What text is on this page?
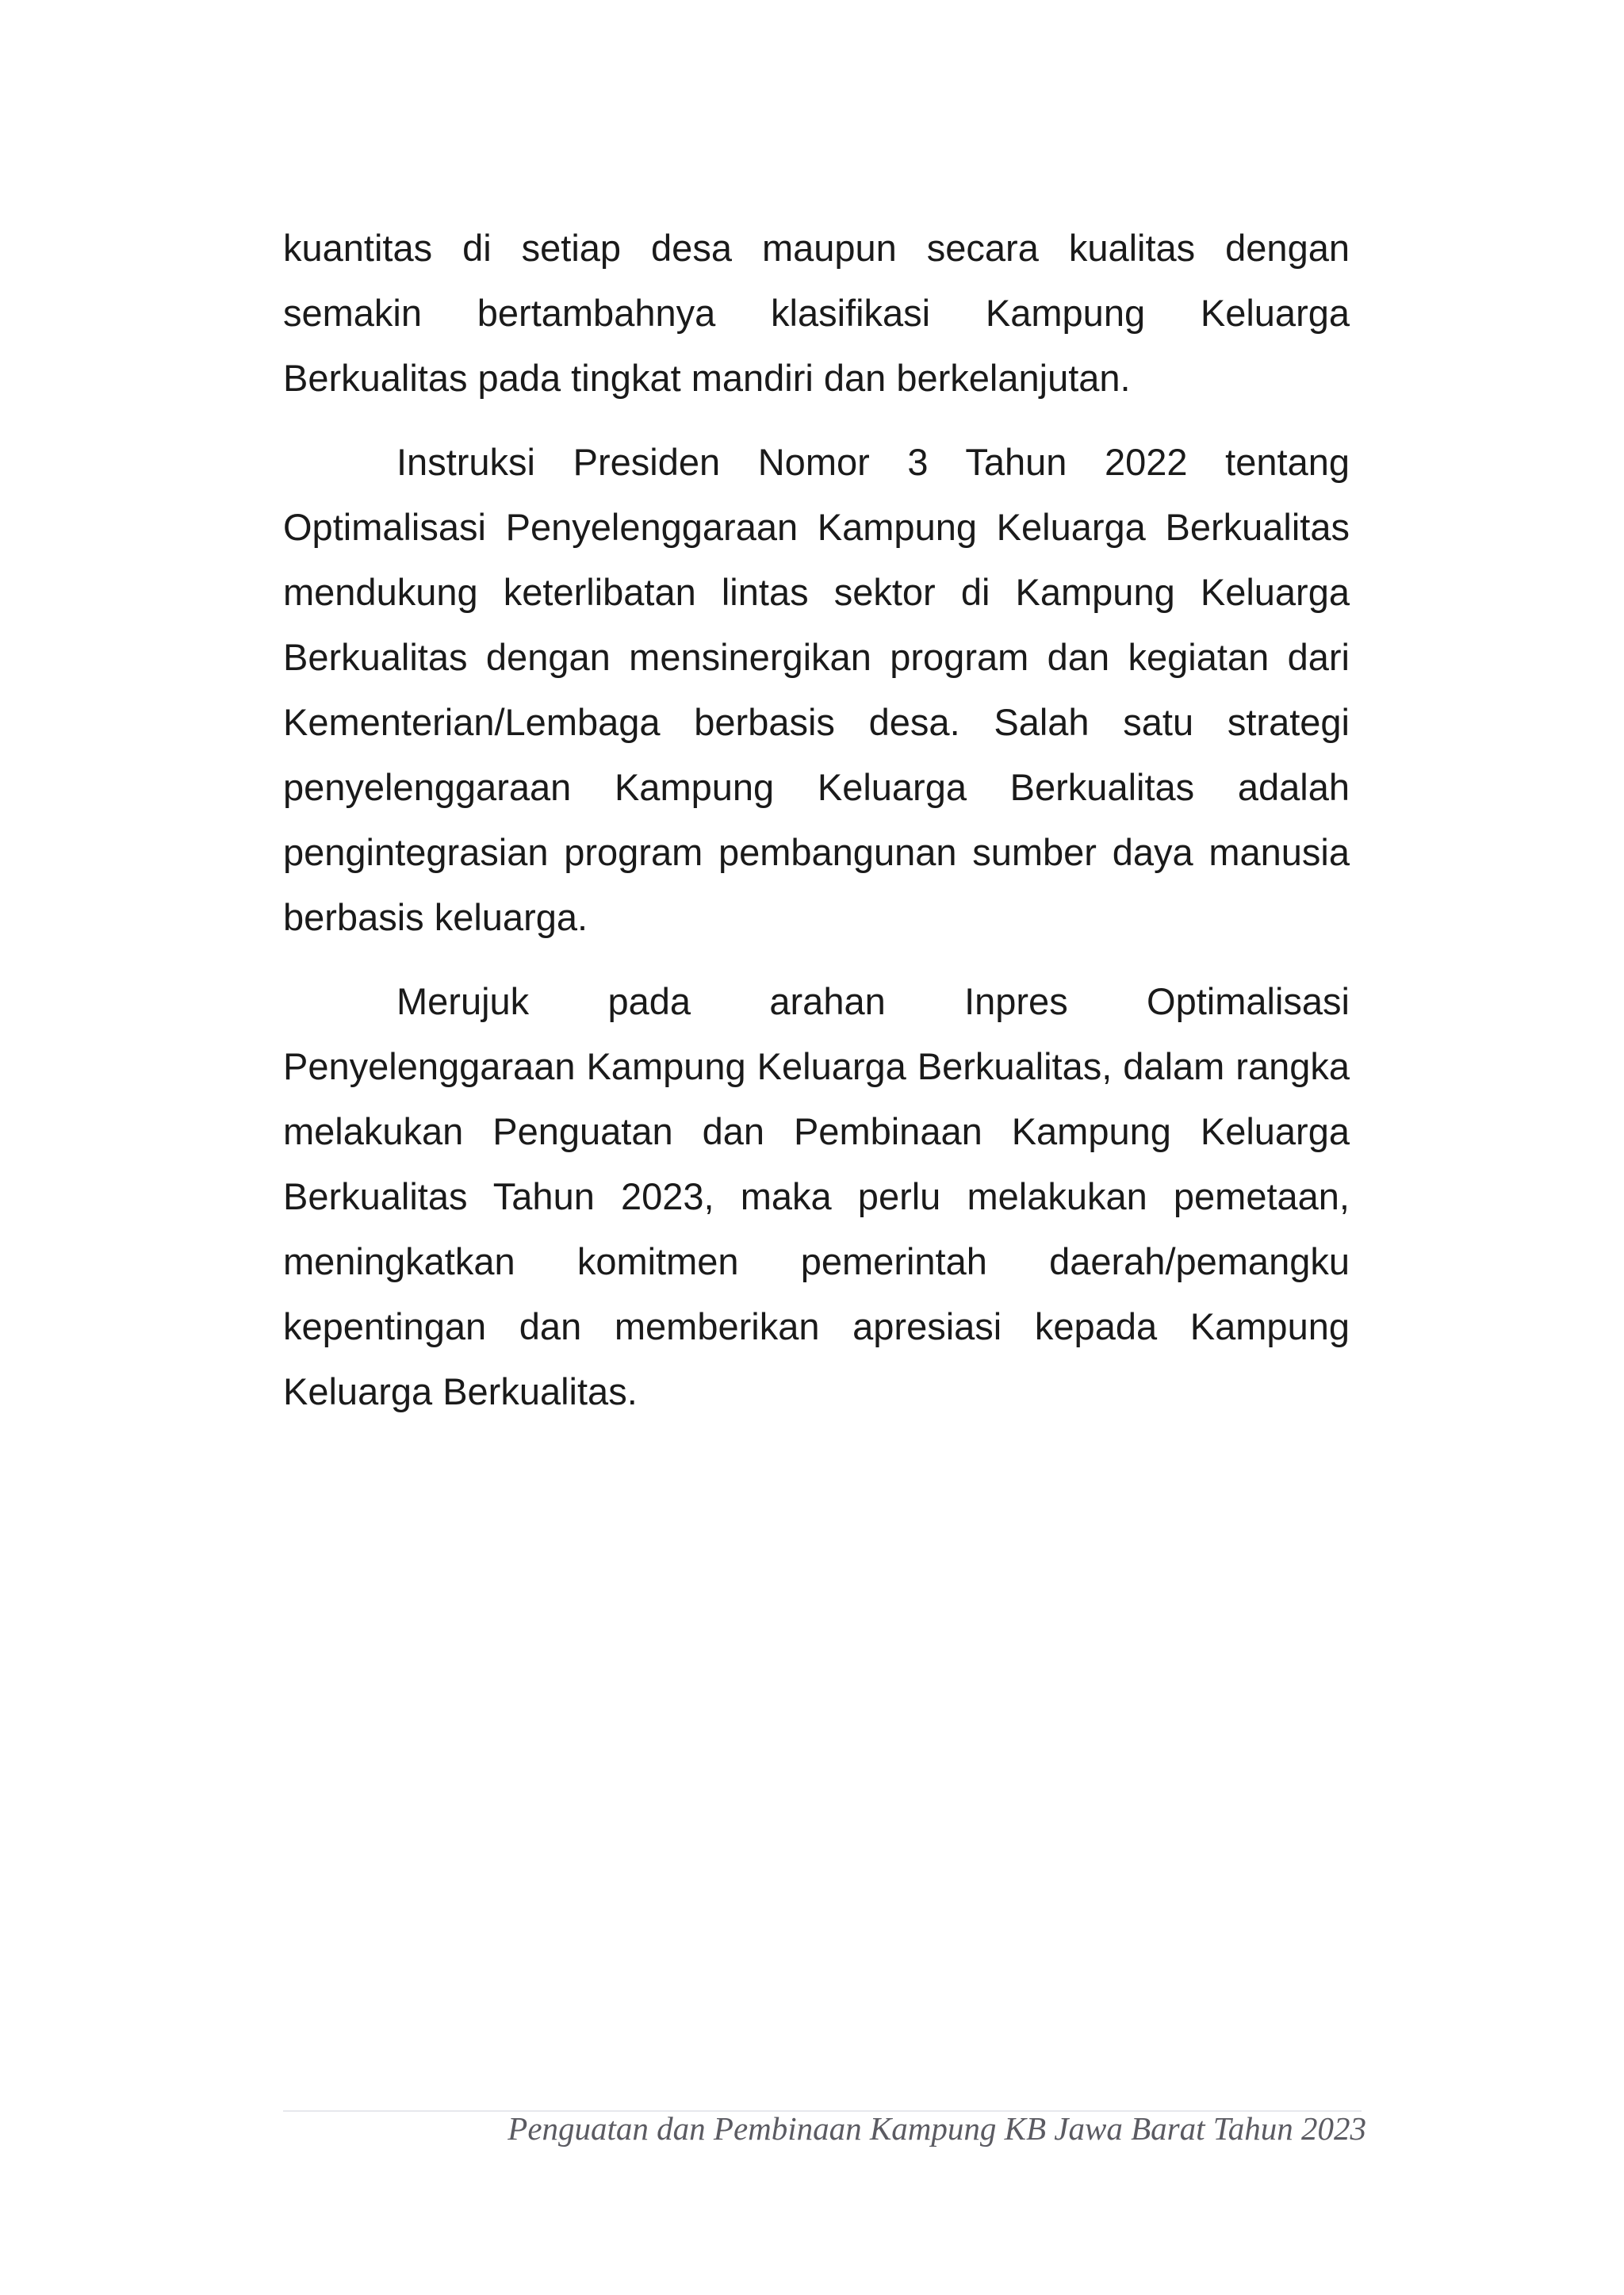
kuantitas di setiap desa maupun secara kualitas dengan semakin bertambahnya klasifikasi Kampung Keluarga Berkualitas pada tingkat mandiri dan berkelanjutan.

Instruksi Presiden Nomor 3 Tahun 2022 tentang Optimalisasi Penyelenggaraan Kampung Keluarga Berkualitas mendukung keterlibatan lintas sektor di Kampung Keluarga Berkualitas dengan mensinergikan program dan kegiatan dari Kementerian/Lembaga berbasis desa. Salah satu strategi penyelenggaraan Kampung Keluarga Berkualitas adalah pengintegrasian program pembangunan sumber daya manusia berbasis keluarga.

Merujuk pada arahan Inpres Optimalisasi Penyelenggaraan Kampung Keluarga Berkualitas, dalam rangka melakukan Penguatan dan Pembinaan Kampung Keluarga Berkualitas Tahun 2023, maka perlu melakukan pemetaan, meningkatkan komitmen pemerintah daerah/pemangku kepentingan dan memberikan apresiasi kepada Kampung Keluarga Berkualitas.

Penguatan dan Pembinaan Kampung KB Jawa Barat Tahun 2023
